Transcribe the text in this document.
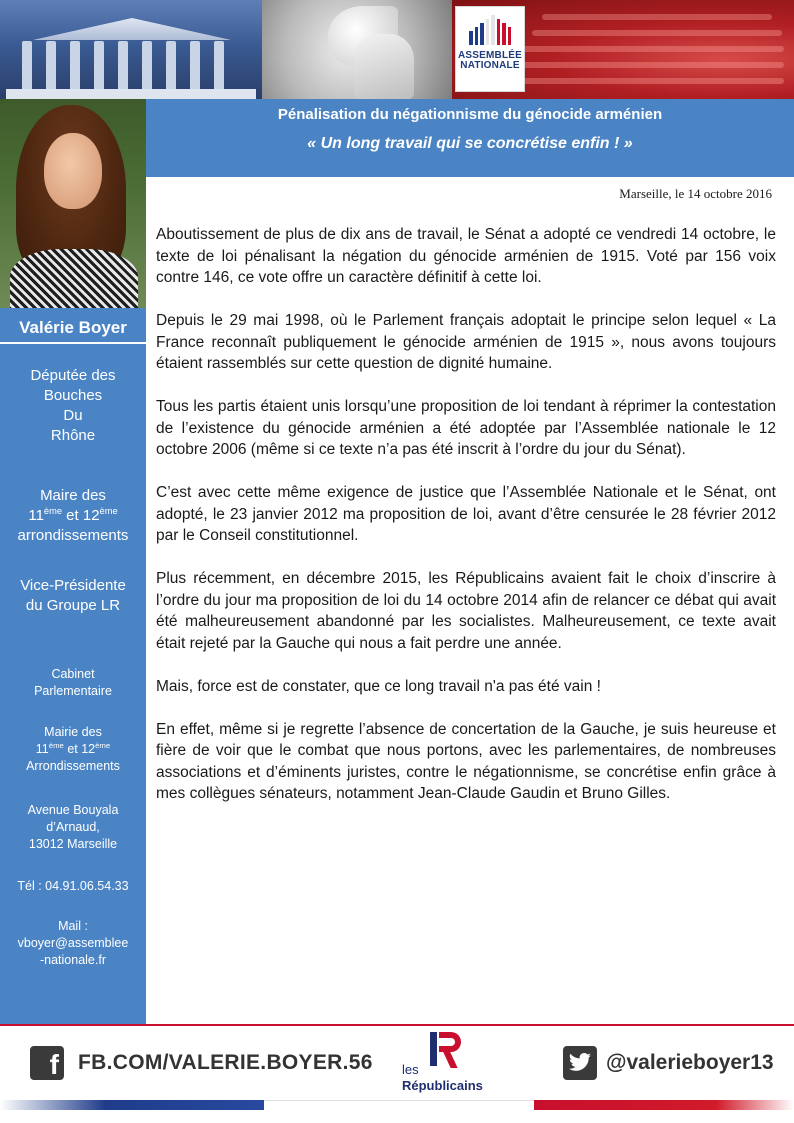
ASSEMBLÉE
NATIONALE
Valérie Boyer
Députée des
Bouches
Du
Rhône
Maire des
11ème et 12ème
arrondissements
Vice-Présidente
du Groupe LR
Cabinet
Parlementaire
Mairie des
11ème et 12ème
Arrondissements
Avenue Bouyala
d’Arnaud,
13012 Marseille
Tél : 04.91.06.54.33
Mail :
vboyer@assemblee
-nationale.fr
Pénalisation du négationnisme du génocide arménien
« Un long travail qui se concrétise enfin ! »
Marseille, le 14 octobre 2016

Aboutissement de plus de dix ans de travail, le Sénat a adopté ce vendredi 14 octobre, le texte de loi pénalisant la négation du génocide arménien de 1915. Voté par 156 voix contre 146, ce vote offre un caractère définitif à cette loi.

Depuis le 29 mai 1998, où le Parlement français adoptait le principe selon lequel « La France reconnaît publiquement le génocide arménien de 1915 », nous avons toujours étaient rassemblés sur cette question de dignité humaine.

Tous les partis étaient unis lorsqu’une proposition de loi tendant à réprimer la contestation de l’existence du génocide arménien a été adoptée par l’Assemblée nationale le 12 octobre 2006 (même si ce texte n’a pas été inscrit à l’ordre du jour du Sénat).

C’est avec cette même exigence de justice que l’Assemblée Nationale et le Sénat, ont adopté, le 23 janvier 2012 ma proposition de loi, avant d’être censurée le 28 février 2012 par le Conseil constitutionnel.

Plus récemment, en décembre 2015, les Républicains avaient fait le choix d’inscrire à l’ordre du jour ma proposition de loi du 14 octobre 2014 afin de relancer ce débat qui avait été malheureusement abandonné par les socialistes. Malheureusement, ce texte avait était rejeté par la Gauche qui nous a fait perdre une année.

Mais, force est de constater, que ce long travail n'a pas été vain !

En effet, même si je regrette l’absence de concertation de la Gauche, je suis heureuse et fière de voir que le combat que nous portons, avec les parlementaires, de nombreuses associations et d’éminents juristes, contre le négationnisme, se concrétise enfin grâce à mes collègues sénateurs, notamment Jean-Claude Gaudin et Bruno Gilles.

f FB.COM/VALERIE.BOYER.56 les
Républicains
@valerieboyer13
